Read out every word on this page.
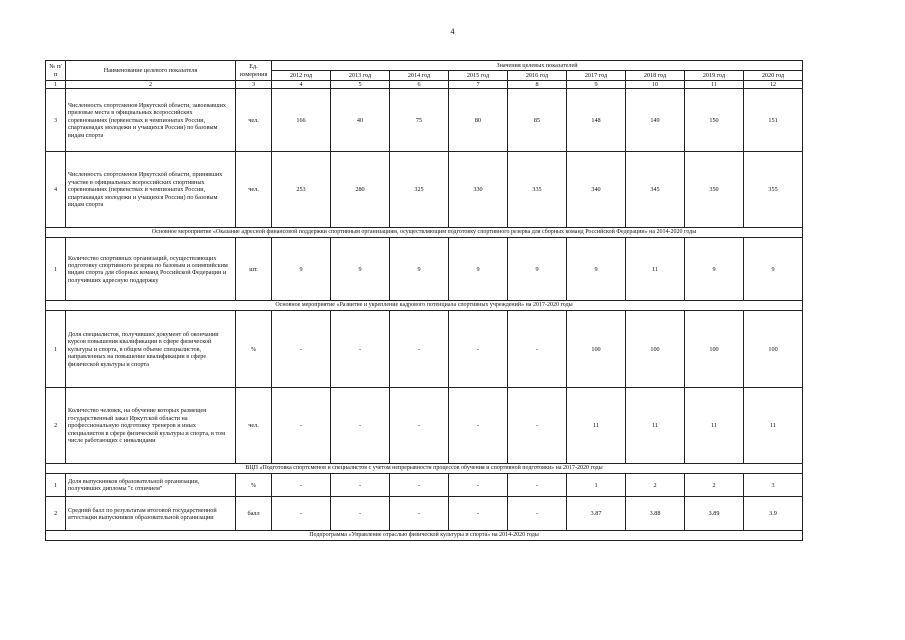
4
№ п/п	Наименование целевого показателя	Ед. измерения	Значения целевых показателей								
			2012 год	2013 год	2014 год	2015 год	2016 год	2017 год	2018 год	2019 год	2020 год
1	2	3	4	5	6	7	8	9	10	11	12
3	Численность спортсменов Иркутской области, завоевавших призовые места в официальных всероссийских соревнованиях (первенствах и чемпионатах России, спартакиадах молодежи и учащихся России) по базовым видам спорта	чел.	166	40	75	80	85	148	149	150	151
4	Численность спортсменов Иркутской области, принявших участие в официальных всероссийских спортивных соревнованиях (первенствах и чемпионатах России, спартакиадах молодежи и учащихся России) по базовым видам спорта	чел.	253	280	325	330	335	340	345	350	355
Основное мероприятие «Оказание адресной финансовой поддержки спортивным организациям, осуществляющим подготовку спортивного резерва для сборных команд Российской Федерации» на 2014-2020 годы											
1	Количество спортивных организаций, осуществляющих подготовку спортивного резерва по базовым и олимпийским видам спорта для сборных команд Российской Федерации и получивших адресную поддержку	шт.	9	9	9	9	9	9	11	9	9
Основное мероприятие «Развитие и укрепление кадрового потенциала спортивных учреждений» на 2017-2020 годы											
1	Доля специалистов, получивших документ об окончании курсов повышения квалификации в сфере физической культуры и спорта, в общем объеме специалистов, направленных на повышение квалификации в сфере физической культуры и спорта	%	-	-	-	-	-	100	100	100	100
2	Количество человек, на обучение которых размещен государственный заказ Иркутской области на профессиональную подготовку тренеров и иных специалистов в сфере физической культуры и спорта, в том числе работающих с инвалидами	чел.	-	-	-	-	-	11	11	11	11
ВЦП «Подготовка спортсменов и специалистов с учетом непрерывности процессов обучения и спортивной подготовки» на 2017-2020 годы											
1	Доля выпускников образовательной организации, получивших дипломы "с отличием"	%	-	-	-	-	-	1	2	2	3
2	Средний балл по результатам итоговой государственной аттестации выпускников образовательной организации	балл	-	-	-	-	-	3.87	3.88	3.89	3.9
Подпрограмма «Управление отраслью физической культуры и спорта» на 2014-2020 годы											
